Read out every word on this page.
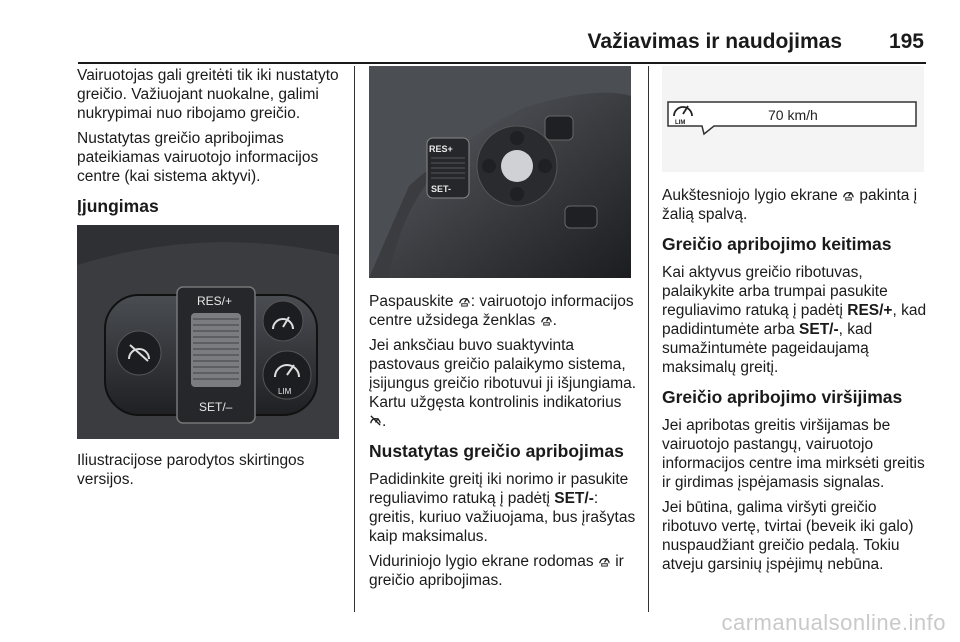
Važiavimas ir naudojimas 195

Vairuotojas gali greitėti tik iki nustatyto greičio. Važiuojant nuokalne, galimi nukrypimai nuo ribojamo greičio.

Nustatytas greičio apribojimas pateikiamas vairuotojo informacijos centre (kai sistema aktyvi).

Įjungimas
RES/+
SET/–
LIM

Iliustracijose parodytos skirtingos versijos.

RES+
SET-

Paspauskite : vairuotojo informacijos centre užsidega ženklas .

Jei anksčiau buvo suaktyvinta pastovaus greičio palaikymo sistema, įsijungus greičio ribotuvui ji išjungiama. Kartu užgęsta kontrolinis indikatorius .

Nustatytas greičio apribojimas

Padidinkite greitį iki norimo ir pasukite reguliavimo ratuką į padėtį SET/-: greitis, kuriuo važiuojama, bus įrašytas kaip maksimalus.

Viduriniojo lygio ekrane rodomas  ir greičio apribojimas.

LIM	70 km/h

Aukštesniojo lygio ekrane  pakinta į žalią spalvą.

Greičio apribojimo keitimas

Kai aktyvus greičio ribotuvas, palaikykite arba trumpai pasukite reguliavimo ratuką į padėtį RES/+, kad padidintumėte arba SET/-, kad sumažintumėte pageidaujamą maksimalų greitį.

Greičio apribojimo viršijimas

Jei apribotas greitis viršijamas be vairuotojo pastangų, vairuotojo informacijos centre ima mirksėti greitis ir girdimas įspėjamasis signalas.

Jei būtina, galima viršyti greičio ribotuvo vertę, tvirtai (beveik iki galo) nuspaudžiant greičio pedalą. Tokiu atveju garsinių įspėjimų nebūna.

carmanualsonline.info
